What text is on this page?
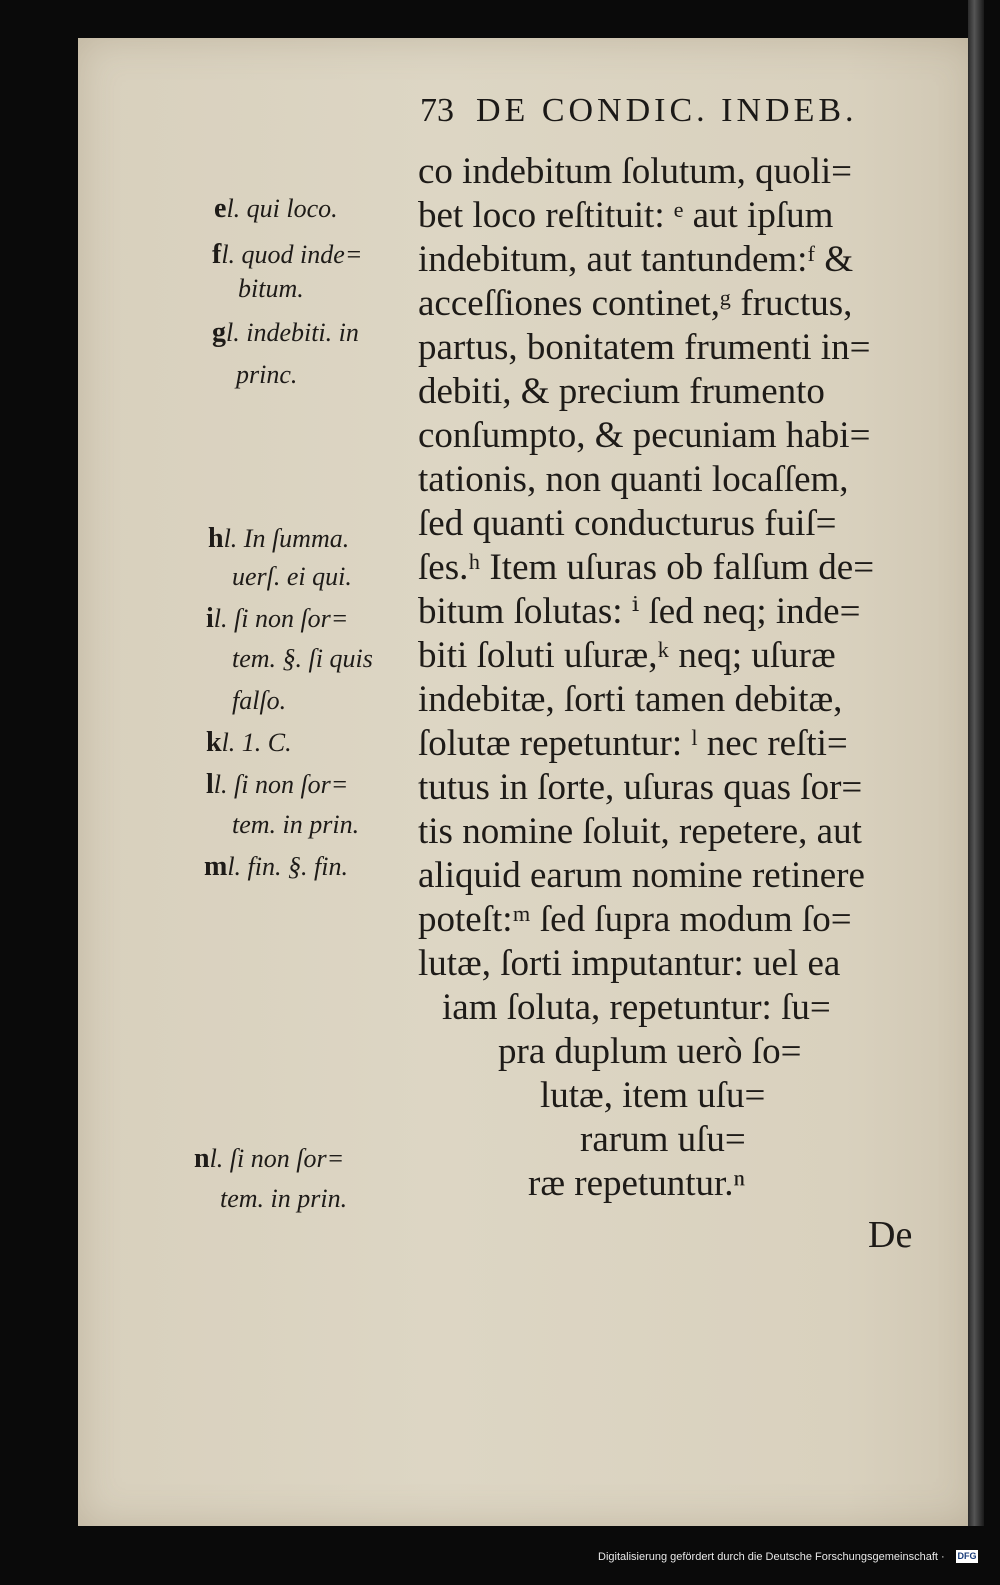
73 DE CONDIC. INDEB.
co indebitum ſolutum, quoli=
bet loco reſtituit: ᵉ aut ipſum
indebitum, aut tantundem:ᶠ &
acceſſiones continet,ᵍ fructus,
partus, bonitatem frumenti in=
debiti, & precium frumento
conſumpto, & pecuniam habi=
tationis, non quanti locaſſem,
ſed quanti conducturus fuiſ=
ſes.ʰ Item uſuras ob falſum de=
bitum ſolutas: ⁱ ſed neq; inde=
biti ſoluti uſuræ,ᵏ neq; uſuræ
indebitæ, ſorti tamen debitæ,
ſolutæ repetuntur: ˡ nec reſti=
tutus in ſorte, uſuras quas ſor=
tis nomine ſoluit, repetere, aut
aliquid earum nomine retinere
poteſt:ᵐ ſed ſupra modum ſo=
lutæ, ſorti imputantur: uel ea
iam ſoluta, repetuntur: ſu=
pra duplum uerò ſo=
lutæ, item uſu=
rarum uſu=
ræ repetuntur.ⁿ
el. qui loco.
fl. quod inde=
bitum.
gl. indebiti. in
princ.
hl. In ſumma.
uerſ. ei qui.
il. ſi non ſor=
tem. §. ſi quis
falſo.
kl. 1. C.
ll. ſi non ſor=
tem. in prin.
ml. fin. §. fin.
nl. ſi non ſor=
tem. in prin.
De
Digitalisierung gefördert durch die Deutsche Forschungsgemeinschaft · DFG
